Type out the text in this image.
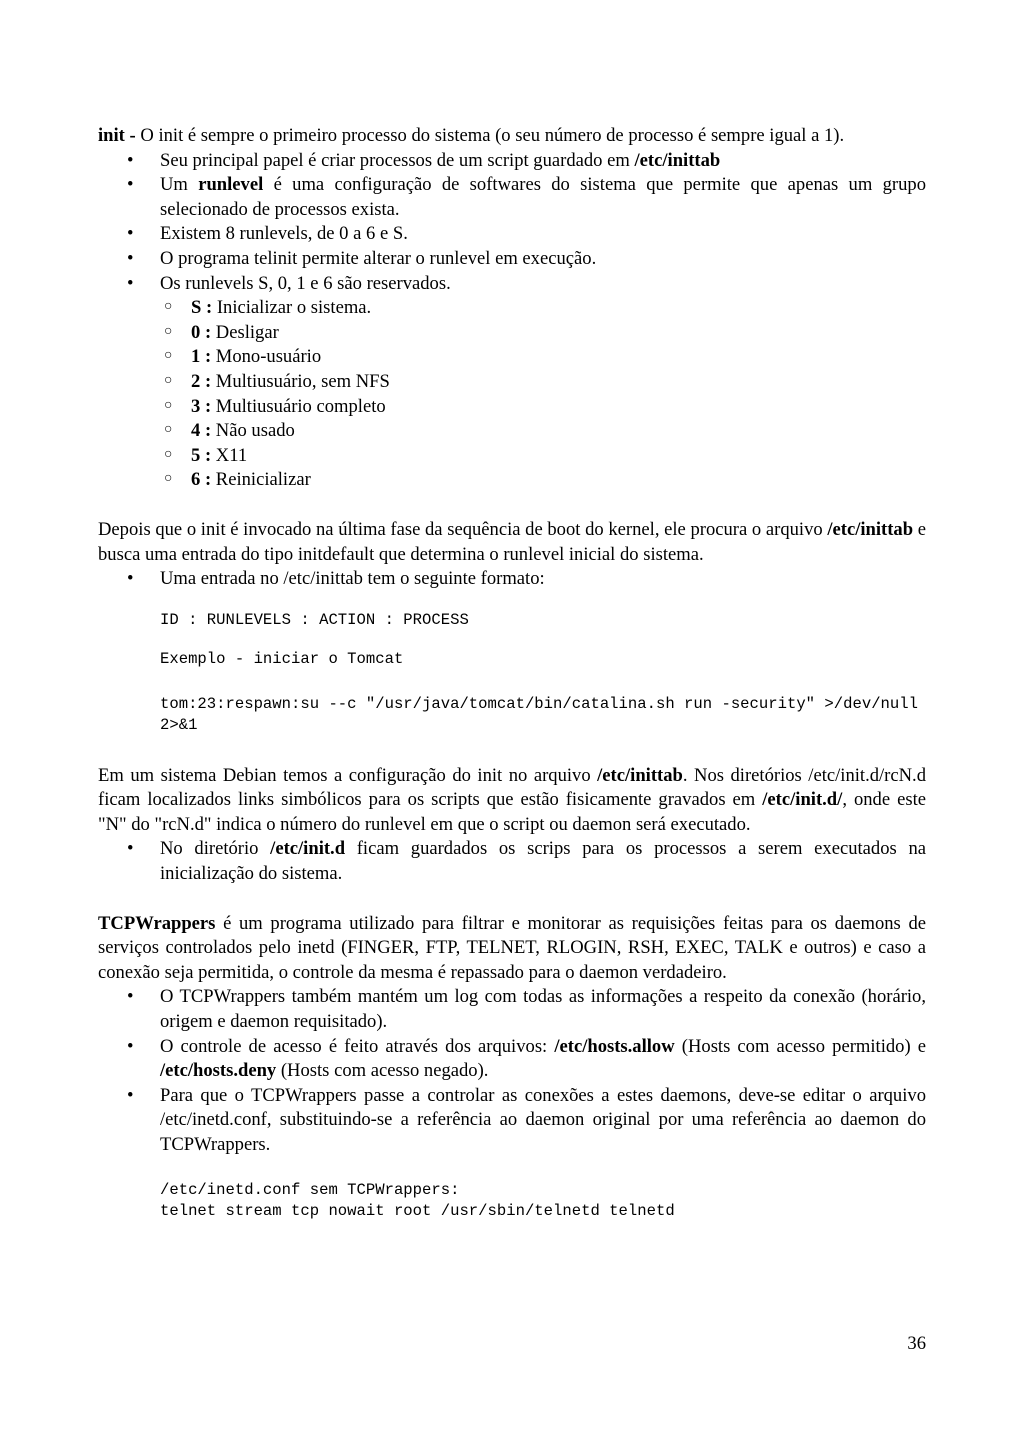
init - O init é sempre o primeiro processo do sistema (o seu número de processo é sempre igual a 1).

• Seu principal papel é criar processos de um script guardado em /etc/inittab
• Um runlevel é uma configuração de softwares do sistema que permite que apenas um grupo selecionado de processos exista.
• Existem 8 runlevels, de 0 a 6 e S.
• O programa telinit permite alterar o runlevel em execução.
• Os runlevels S, 0, 1 e 6 são reservados.
○ S : Inicializar o sistema.
○ 0 : Desligar
○ 1 : Mono-usuário
○ 2 : Multiusuário, sem NFS
○ 3 : Multiusuário completo
○ 4 : Não usado
○ 5 : X11
○ 6 : Reinicializar

Depois que o init é invocado na última fase da sequência de boot do kernel, ele procura o arquivo /etc/inittab e busca uma entrada do tipo initdefault que determina o runlevel inicial do sistema.

• Uma entrada no /etc/inittab tem o seguinte formato:
ID : RUNLEVELS : ACTION : PROCESS
Exemplo - iniciar o Tomcat
tom:23:respawn:su --c "/usr/java/tomcat/bin/catalina.sh run -security" >/dev/null 2>&1

Em um sistema Debian temos a configuração do init no arquivo /etc/inittab. Nos diretórios /etc/init.d/rcN.d ficam localizados links simbólicos para os scripts que estão fisicamente gravados em /etc/init.d/, onde este "N" do "rcN.d" indica o número do runlevel em que o script ou daemon será executado.

• No diretório /etc/init.d ficam guardados os scrips para os processos a serem executados na inicialização do sistema.

TCPWrappers é um programa utilizado para filtrar e monitorar as requisições feitas para os daemons de serviços controlados pelo inetd (FINGER, FTP, TELNET, RLOGIN, RSH, EXEC, TALK e outros) e caso a conexão seja permitida, o controle da mesma é repassado para o daemon verdadeiro.

• O TCPWrappers também mantém um log com todas as informações a respeito da conexão (horário, origem e daemon requisitado).
• O controle de acesso é feito através dos arquivos: /etc/hosts.allow (Hosts com acesso permitido) e /etc/hosts.deny (Hosts com acesso negado).
• Para que o TCPWrappers passe a controlar as conexões a estes daemons, deve-se editar o arquivo /etc/inetd.conf, substituindo-se a referência ao daemon original por uma referência ao daemon do TCPWrappers.
/etc/inetd.conf sem TCPWrappers:
telnet stream tcp nowait root /usr/sbin/telnetd telnetd
36
